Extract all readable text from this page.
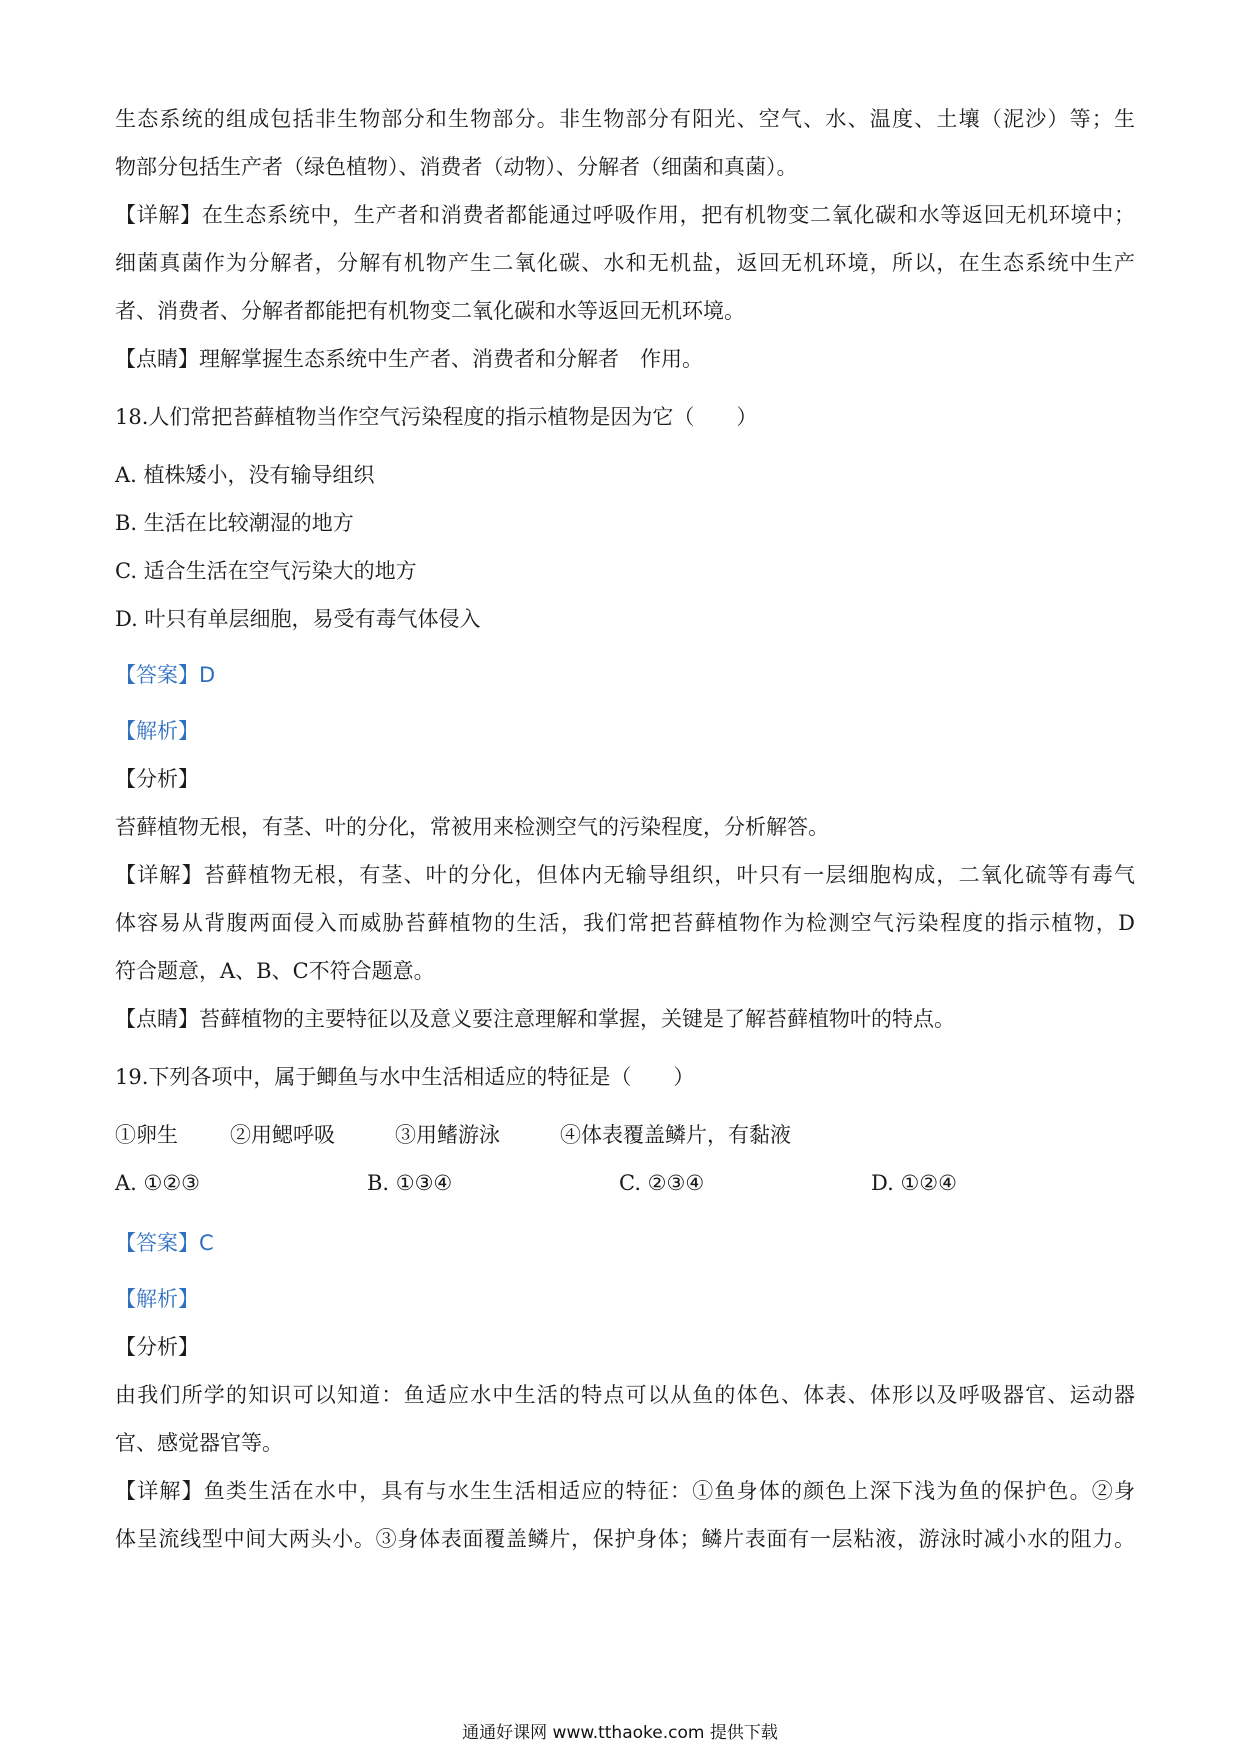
生态系统的组成包括非生物部分和生物部分。非生物部分有阳光、空气、水、温度、土壤（泥沙）等；生
物部分包括生产者（绿色植物）、消费者（动物）、分解者（细菌和真菌）。
【详解】在生态系统中，生产者和消费者都能通过呼吸作用，把有机物变二氧化碳和水等返回无机环境中；
细菌真菌作为分解者，分解有机物产生二氧化碳、水和无机盐，返回无机环境，所以，在生态系统中生产
者、消费者、分解者都能把有机物变二氧化碳和水等返回无机环境。
【点睛】理解掌握生态系统中生产者、消费者和分解者　作用。
18.人们常把苔藓植物当作空气污染程度的指示植物是因为它（　　）
A. 植株矮小，没有输导组织
B. 生活在比较潮湿的地方
C. 适合生活在空气污染大的地方
D. 叶只有单层细胞，易受有毒气体侵入
【答案】D
【解析】
【分析】
苔藓植物无根，有茎、叶的分化，常被用来检测空气的污染程度，分析解答。
【详解】苔藓植物无根，有茎、叶的分化，但体内无输导组织，叶只有一层细胞构成，二氧化硫等有毒气
体容易从背腹两面侵入而威胁苔藓植物的生活，我们常把苔藓植物作为检测空气污染程度的指示植物，D
符合题意，A、B、C不符合题意。
【点睛】苔藓植物的主要特征以及意义要注意理解和掌握，关键是了解苔藓植物叶的特点。
19.下列各项中，属于鲫鱼与水中生活相适应的特征是（　　）
①卵生 ②用鳃呼吸	③用鳍游泳	④体表覆盖鳞片，有黏液
A. ①②③	B. ①③④	C. ②③④	D. ①②④
【答案】C
【解析】
【分析】
由我们所学的知识可以知道：鱼适应水中生活的特点可以从鱼的体色、体表、体形以及呼吸器官、运动器
官、感觉器官等。
【详解】鱼类生活在水中，具有与水生生活相适应的特征：①鱼身体的颜色上深下浅为鱼的保护色。②身
体呈流线型中间大两头小。③身体表面覆盖鳞片，保护身体；鳞片表面有一层粘液，游泳时减小水的阻力。
通通好课网 www.tthaoke.com 提供下载
